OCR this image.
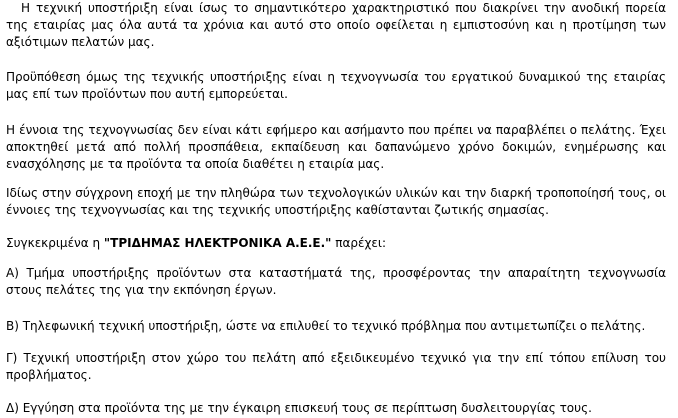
Η τεχνική υποστήριξη είναι ίσως το σημαντικότερο χαρακτηριστικό που διακρίνει την ανοδική πορεία της εταιρίας μας όλα αυτά τα χρόνια και αυτό στο οποίο οφείλεται η εμπιστοσύνη και η προτίμηση των αξιότιμων πελατών μας.

Προϋπόθεση όμως της τεχνικής υποστήριξης είναι η τεχνογνωσία του εργατικού δυναμικού της εταιρίας μας επί των προϊόντων που αυτή εμπορεύεται.

Η έννοια της τεχνογνωσίας δεν είναι κάτι εφήμερο και ασήμαντο που πρέπει να παραβλέπει ο πελάτης. Έχει αποκτηθεί μετά από πολλή προσπάθεια, εκπαίδευση και δαπανώμενο χρόνο δοκιμών, ενημέρωσης και ενασχόλησης με τα προϊόντα τα οποία διαθέτει η εταιρία μας.

Ιδίως στην σύγχρονη εποχή με την πληθώρα των τεχνολογικών υλικών και την διαρκή τροποποίησή τους, οι έννοιες της τεχνογνωσίας και της τεχνικής υποστήριξης καθίστανται ζωτικής σημασίας.

Συγκεκριμένα η "ΤΡΙΔΗΜΑΣ ΗΛΕΚΤΡΟΝΙΚΑ Α.Ε.Ε." παρέχει:

Α) Τμήμα υποστήριξης προϊόντων στα καταστήματά της, προσφέροντας την απαραίτητη τεχνογνωσία στους πελάτες της για την εκπόνηση έργων.

Β) Τηλεφωνική τεχνική υποστήριξη, ώστε να επιλυθεί το τεχνικό πρόβλημα που αντιμετωπίζει ο πελάτης.

Γ) Τεχνική υποστήριξη στον χώρο του πελάτη από εξειδικευμένο τεχνικό για την επί τόπου επίλυση του προβλήματος.

Δ) Εγγύηση στα προϊόντα της με την έγκαιρη επισκευή τους σε περίπτωση δυσλειτουργίας τους.
